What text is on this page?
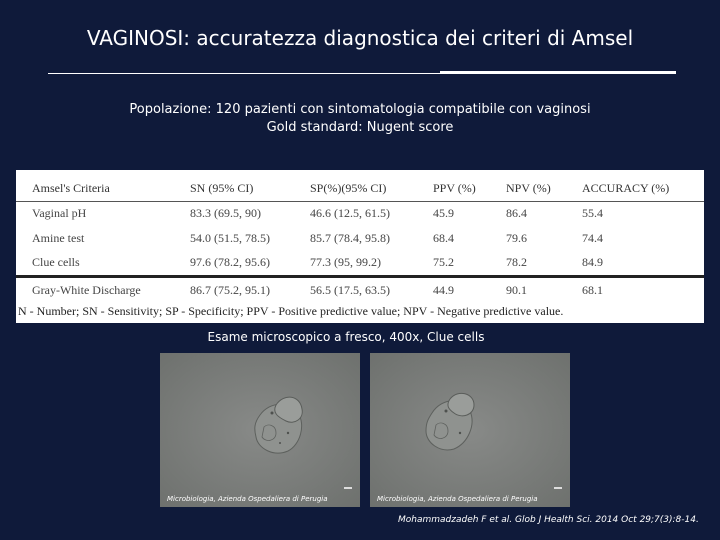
VAGINOSI: accuratezza diagnostica dei criteri di Amsel
Popolazione: 120 pazienti con sintomatologia compatibile con vaginosi
Gold standard: Nugent score
Amsel's Criteria	SN (95% CI)	SP(%)(95% CI)	PPV (%)	NPV (%)	ACCURACY (%)
Vaginal pH	83.3 (69.5, 90)	46.6 (12.5, 61.5)	45.9	86.4	55.4
Amine test	54.0 (51.5, 78.5)	85.7 (78.4, 95.8)	68.4	79.6	74.4
Clue cells	97.6 (78.2, 95.6)	77.3 (95, 99.2)	75.2	78.2	84.9
Gray-White Discharge	86.7 (75.2, 95.1)	56.5 (17.5, 63.5)	44.9	90.1	68.1
N - Number; SN - Sensitivity; SP - Specificity; PPV - Positive predictive value; NPV - Negative predictive value.
Esame microscopico a fresco, 400x, Clue cells
Microbiologia, Azienda Ospedaliera di Perugia	Microbiologia, Azienda Ospedaliera di Perugia
Mohammadzadeh F et al. Glob J Health Sci. 2014 Oct 29;7(3):8-14.
